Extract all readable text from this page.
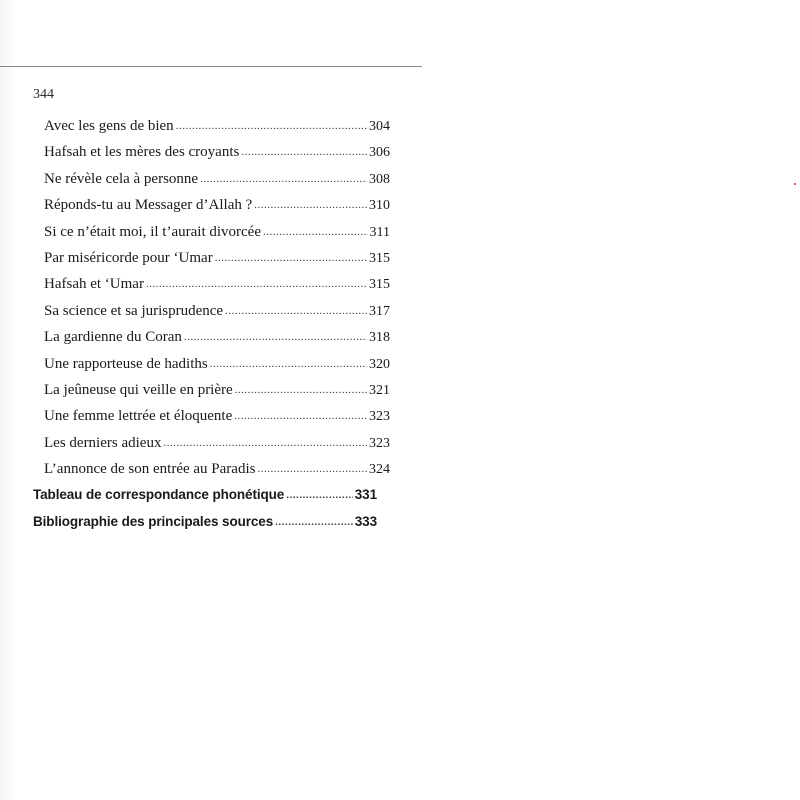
344
Avec les gens de bien .....	304
Hafsah et les mères des croyants .....	306
Ne révèle cela à personne .....	308
Réponds-tu au Messager d’Allah ? .....	310
Si ce n’était moi, il t’aurait divorcée .....	311
Par miséricorde pour ‘Umar .....	315
Hafsah et ‘Umar .....	315
Sa science et sa jurisprudence .....	317
La gardienne du Coran .....	318
Une rapporteuse de hadiths .....	320
La jeûneuse qui veille en prière .....	321
Une femme lettrée et éloquente .....	323
Les derniers adieux .....	323
L’annonce de son entrée au Paradis .....	324
Tableau de correspondance phonétique .....	331
Bibliographie des principales sources .....	333
